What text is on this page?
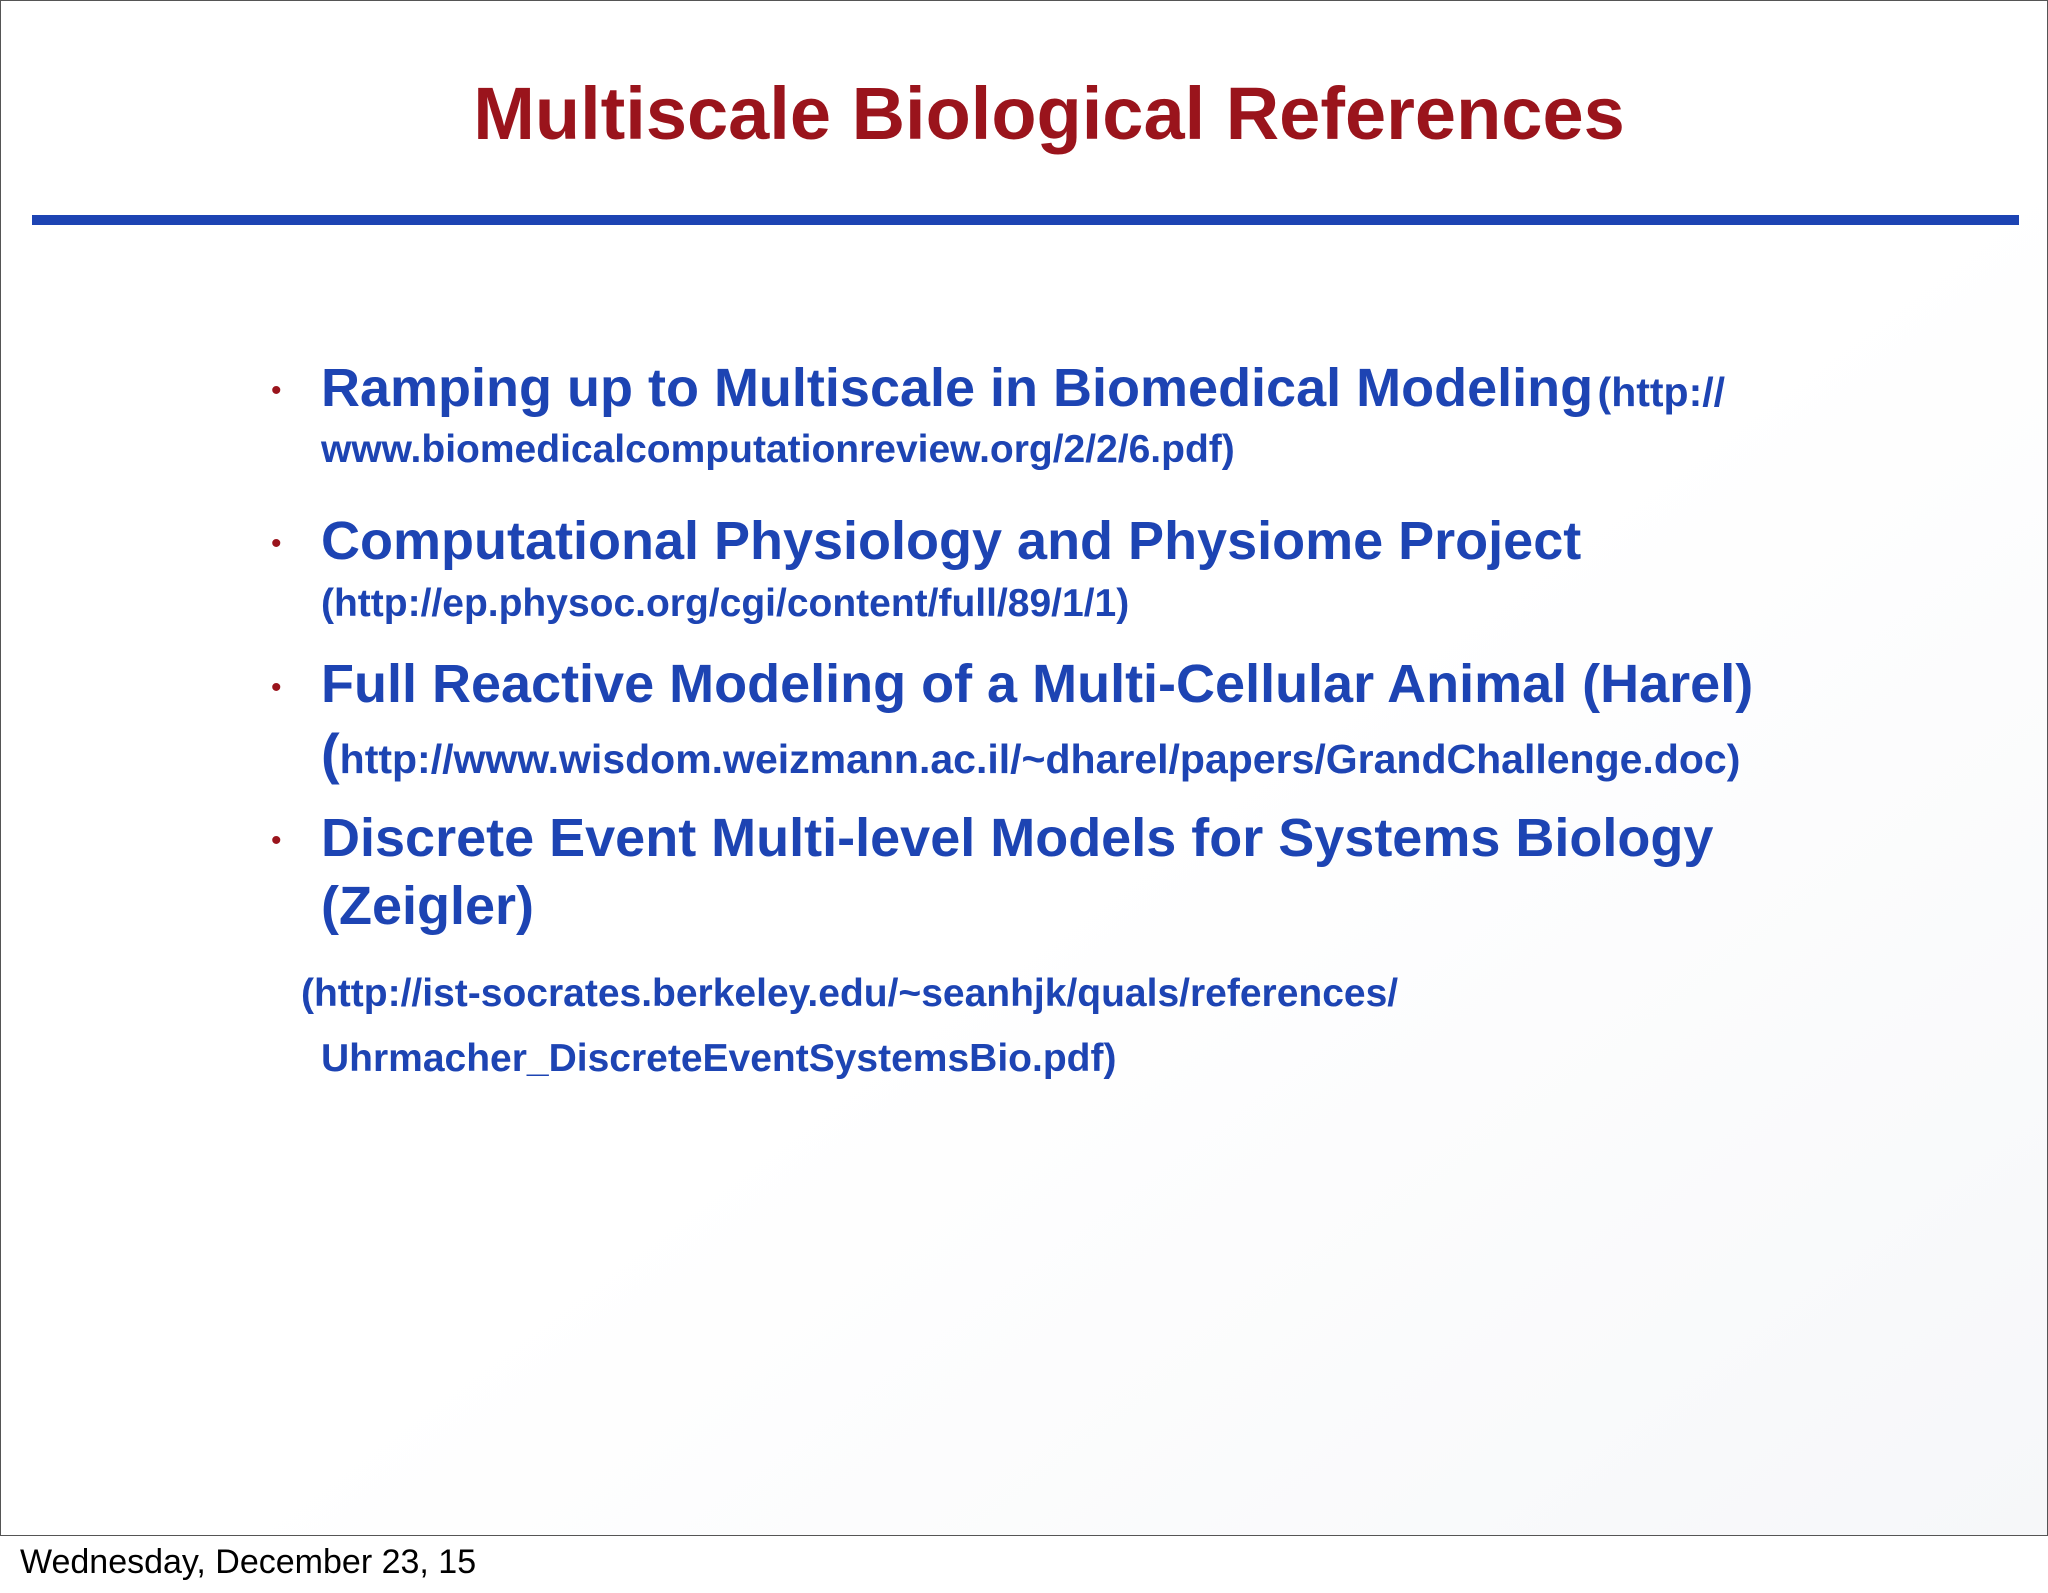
Multiscale Biological References
• Ramping up to Multiscale in Biomedical Modeling (http://
www.biomedicalcomputationreview.org/2/2/6.pdf)
• Computational Physiology and Physiome Project
(http://ep.physoc.org/cgi/content/full/89/1/1)
• Full Reactive Modeling of a Multi-Cellular Animal (Harel)
(http://www.wisdom.weizmann.ac.il/~dharel/papers/GrandChallenge.doc)
• Discrete Event Multi-level Models for Systems Biology
(Zeigler)
(http://ist-socrates.berkeley.edu/~seanhjk/quals/references/
Uhrmacher_DiscreteEventSystemsBio.pdf)
Wednesday, December 23, 15
